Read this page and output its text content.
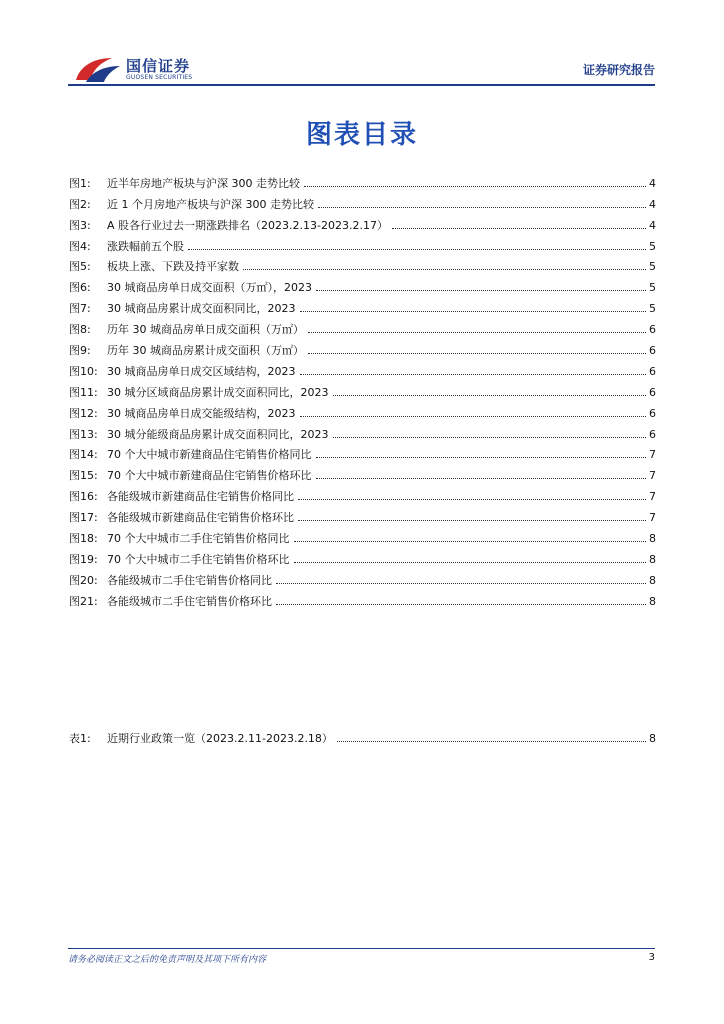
国信证券
GUOSEN SECURITIES
证券研究报告
图表目录
图1:	近半年房地产板块与沪深 300 走势比较	4
图2:	近 1 个月房地产板块与沪深 300 走势比较	4
图3:	A 股各行业过去一期涨跌排名（2023.2.13-2023.2.17）	4
图4:	涨跌幅前五个股	5
图5:	板块上涨、下跌及持平家数	5
图6:	30 城商品房单日成交面积（万㎡），2023	5
图7:	30 城商品房累计成交面积同比，2023	5
图8:	历年 30 城商品房单日成交面积（万㎡）	6
图9:	历年 30 城商品房累计成交面积（万㎡）	6
图10: 30 城商品房单日成交区域结构，2023	6
图11: 30 城分区域商品房累计成交面积同比，2023	6
图12: 30 城商品房单日成交能级结构，2023	6
图13: 30 城分能级商品房累计成交面积同比，2023	6
图14: 70 个大中城市新建商品住宅销售价格同比	7
图15: 70 个大中城市新建商品住宅销售价格环比	7
图16: 各能级城市新建商品住宅销售价格同比	7
图17: 各能级城市新建商品住宅销售价格环比	7
图18: 70 个大中城市二手住宅销售价格同比	8
图19: 70 个大中城市二手住宅销售价格环比	8
图20: 各能级城市二手住宅销售价格同比	8
图21: 各能级城市二手住宅销售价格环比	8
表1:	近期行业政策一览（2023.2.11-2023.2.18）	8
请务必阅读正文之后的免责声明及其项下所有内容	3
